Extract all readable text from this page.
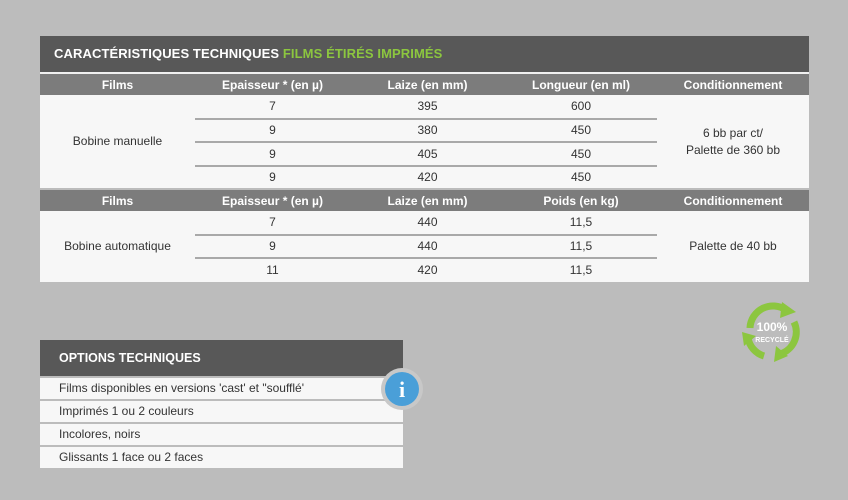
CARACTÉRISTIQUES TECHNIQUES FILMS ÉTIRÉS IMPRIMÉS
Films	Epaisseur * (en µ)	Laize (en mm)	Longueur (en ml)	Conditionnement
Bobine manuelle	7	395	600	6 bb par ct/
Palette de 360 bb
	9	380	450	
	9	405	450	
	9	420	450	
Films	Epaisseur * (en µ)	Laize (en mm)	Poids (en kg)	Conditionnement
Bobine automatique	7	440	11,5	Palette de 40 bb
	9	440	11,5	
	11	420	11,5	
100%
RECYCLÉ
OPTIONS TECHNIQUES
Films disponibles en versions 'cast' et "soufflé'
Imprimés 1 ou 2 couleurs
Incolores, noirs
Glissants 1 face ou 2 faces
i
